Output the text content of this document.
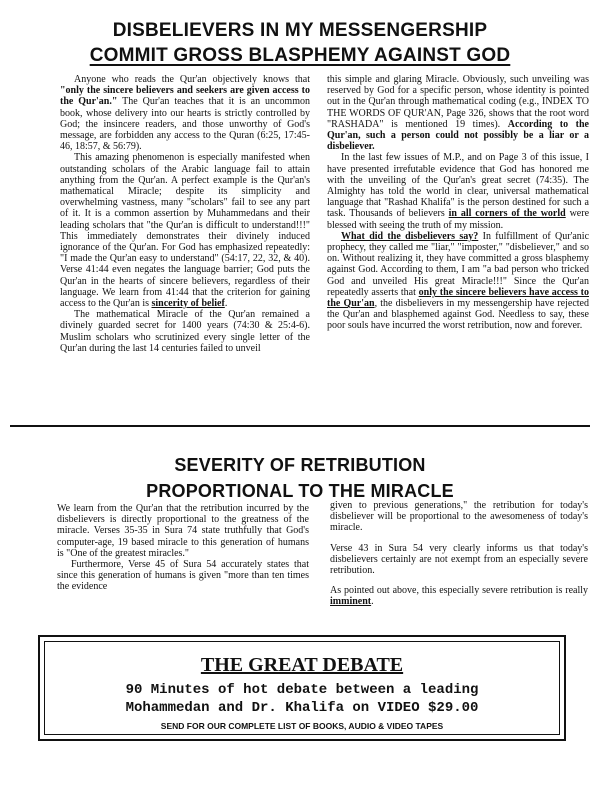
DISBELIEVERS IN MY MESSENGERSHIP
COMMIT GROSS BLASPHEMY AGAINST GOD

Anyone who reads the Qur'an objectively knows that "only the sincere believers and seekers are given access to the Qur'an." The Qur'an teaches that it is an uncommon book, whose delivery into our hearts is strictly controlled by God; the insincere readers, and those unworthy of God's message, are forbidden any access to the Quran (6:25, 17:45-46, 18:57, & 56:79).

This amazing phenomenon is especially manifested when outstanding scholars of the Arabic language fail to attain anything from the Qur'an. A perfect example is the Qur'an's mathematical Miracle; despite its simplicity and overwhelming vastness, many "scholars" fail to see any part of it. It is a common assertion by Muhammedans and their leading scholars that "the Qur'an is difficult to understand!!!" This immediately demonstrates their divinely induced ignorance of the Qur'an. For God has emphasized repeatedly: "I made the Qur'an easy to understand" (54:17, 22, 32, & 40). Verse 41:44 even negates the language barrier; God puts the Qur'an in the hearts of sincere believers, regardless of their language. We learn from 41:44 that the criterion for gaining access to the Qur'an is sincerity of belief.

The mathematical Miracle of the Qur'an remained a divinely guarded secret for 1400 years (74:30 & 25:4-6). Muslim scholars who scrutinized every single letter of the Qur'an during the last 14 centuries failed to unveil

this simple and glaring Miracle. Obviously, such unveiling was reserved by God for a specific person, whose identity is pointed out in the Qur'an through mathematical coding (e.g., INDEX TO THE WORDS OF QUR'AN, Page 326, shows that the root word "RASHADA" is mentioned 19 times). According to the Qur'an, such a person could not possibly be a liar or a disbeliever.

In the last few issues of M.P., and on Page 3 of this issue, I have presented irrefutable evidence that God has honored me with the unveiling of the Qur'an's great secret (74:35). The Almighty has told the world in clear, universal mathematical language that "Rashad Khalifa" is the person destined for such a task. Thousands of believers in all corners of the world were blessed with seeing the truth of my mission.

What did the disbelievers say? In fulfillment of Qur'anic prophecy, they called me "liar," "imposter," "disbeliever," and so on. Without realizing it, they have committed a gross blasphemy against God. According to them, I am "a bad person who tricked God and unveiled His great Miracle!!!" Since the Qur'an repeatedly asserts that only the sincere believers have access to the Qur'an, the disbelievers in my messengership have rejected the Qur'an and blasphemed against God. Needless to say, these poor souls have incurred the worst retribution, now and forever.

SEVERITY OF RETRIBUTION
PROPORTIONAL TO THE MIRACLE

We learn from the Qur'an that the retribution incurred by the disbelievers is directly proportional to the greatness of the miracle. Verses 35-35 in Sura 74 state truthfully that God's computer-age, 19 based miracle to this generation of humans is "One of the greatest miracles."

Furthermore, Verse 45 of Sura 54 accurately states that since this generation of humans is given "more than ten times the evidence

given to previous generations," the retribution for today's disbeliever will be proportional to the awesomeness of today's miracle.

Verse 43 in Sura 54 very clearly informs us that today's disbelievers certainly are not exempt from an especially severe retribution.

As pointed out above, this especially severe retribution is really imminent.

THE GREAT DEBATE
90 Minutes of hot debate between a leading
Mohammedan and Dr. Khalifa on VIDEO $29.00
SEND FOR OUR COMPLETE LIST OF BOOKS, AUDIO & VIDEO TAPES
